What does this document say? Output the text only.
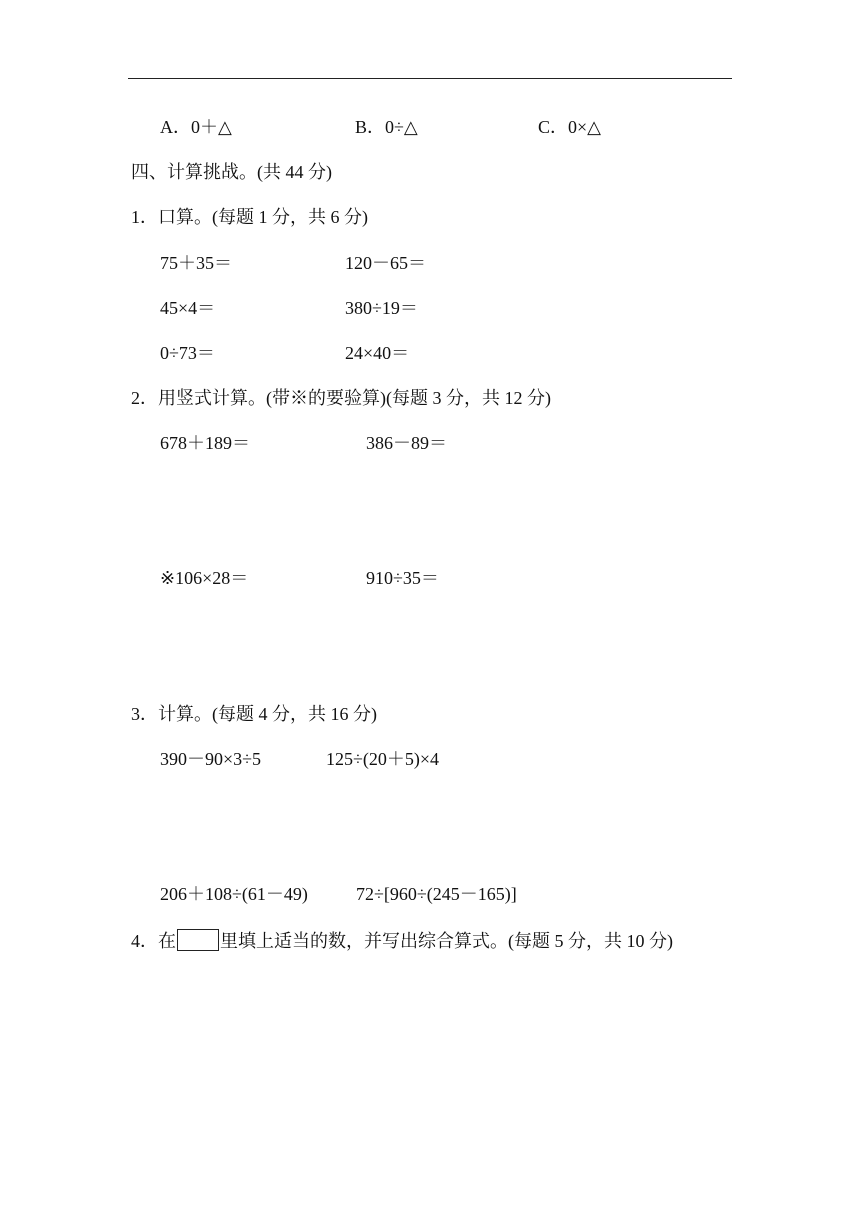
A．0＋△	B．0÷△	C．0×△
四、计算挑战。(共 44 分)
1．口算。(每题 1 分，共 6 分)
75＋35＝	120－65＝
45×4＝	380÷19＝
0÷73＝	24×40＝
2．用竖式计算。(带※的要验算)(每题 3 分，共 12 分)
678＋189＝	386－89＝
※106×28＝	910÷35＝
3．计算。(每题 4 分，共 16 分)
390－90×3÷5	125÷(20＋5)×4
206＋108÷(61－49)	72÷[960÷(245－165)]
4．在 里填上适当的数，并写出综合算式。(每题 5 分，共 10 分)
